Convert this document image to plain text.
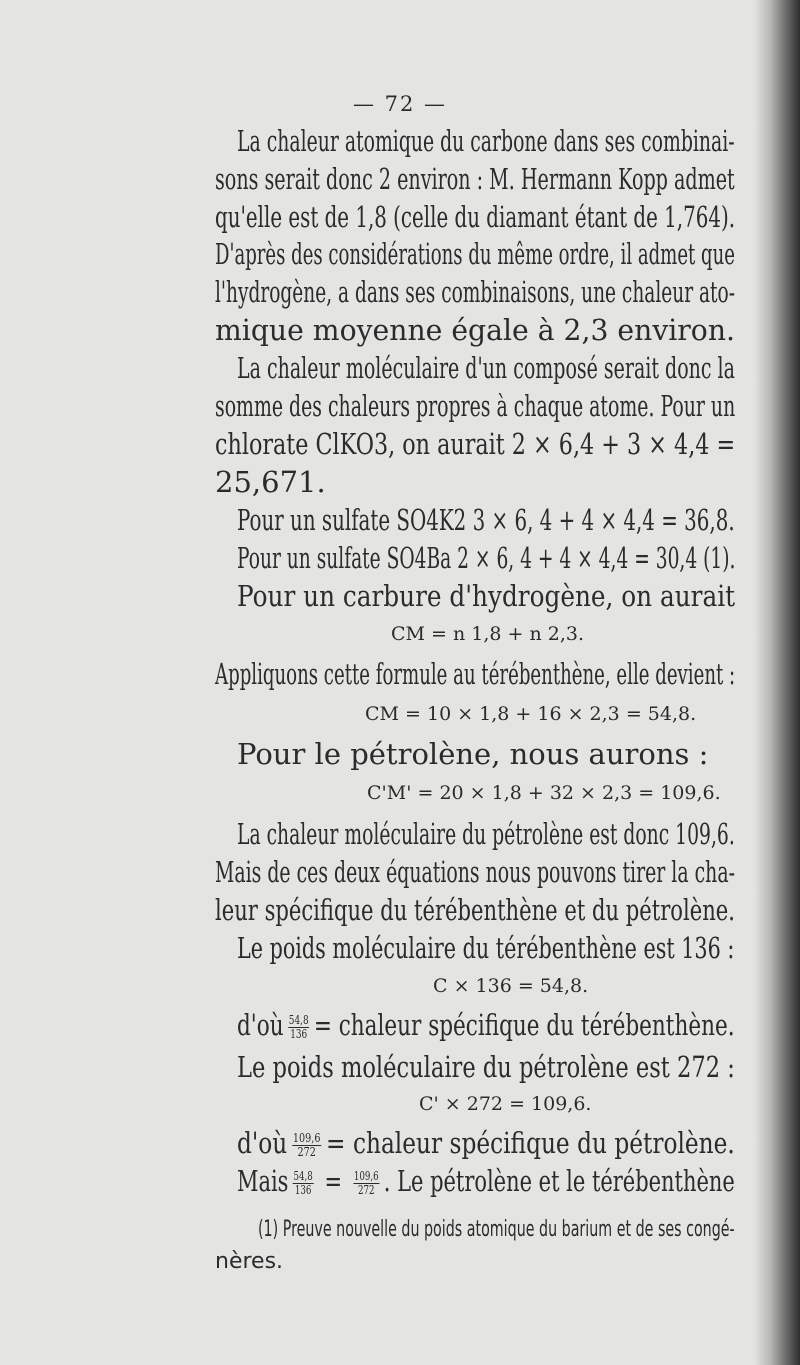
— 72 —
La chaleur atomique du carbone dans ses combinai-
sons serait donc 2 environ : M. Hermann Kopp admet
qu'elle est de 1,8 (celle du diamant étant de 1,764).
D'après des considérations du même ordre, il admet que
l'hydrogène, a dans ses combinaisons, une chaleur ato-
mique moyenne égale à 2,3 environ.
La chaleur moléculaire d'un composé serait donc la
somme des chaleurs propres à chaque atome. Pour un
chlorate ClKO3, on aurait 2 × 6,4 + 3 × 4,4 =
25,671.
Pour un sulfate SO4K2 3 × 6, 4 + 4 × 4,4 = 36,8.
Pour un sulfate SO4Ba 2 × 6, 4 + 4 × 4,4 = 30,4 (1).
Pour un carbure d'hydrogène, on aurait
CM = n 1,8 + n 2,3.
Appliquons cette formule au térébenthène, elle devient :
CM = 10 × 1,8 + 16 × 2,3 = 54,8.
Pour le pétrolène, nous aurons :
C'M' = 20 × 1,8 + 32 × 2,3 = 109,6.
La chaleur moléculaire du pétrolène est donc 109,6.
Mais de ces deux équations nous pouvons tirer la cha-
leur spécifique du térébenthène et du pétrolène.
Le poids moléculaire du térébenthène est 136 :
C × 136 = 54,8.
d'où $\frac{54,8}{136}$ = chaleur spécifique du térébenthène.
Le poids moléculaire du pétrolène est 272 :
C' × 272 = 109,6.
d'où $\frac{109,6}{272}$ = chaleur spécifique du pétrolène.
Mais $\frac{54,8}{136} = \frac{109,6}{272}$ . Le pétrolène et le térébenthène
(1) Preuve nouvelle du poids atomique du barium et de ses congé-
nères.
